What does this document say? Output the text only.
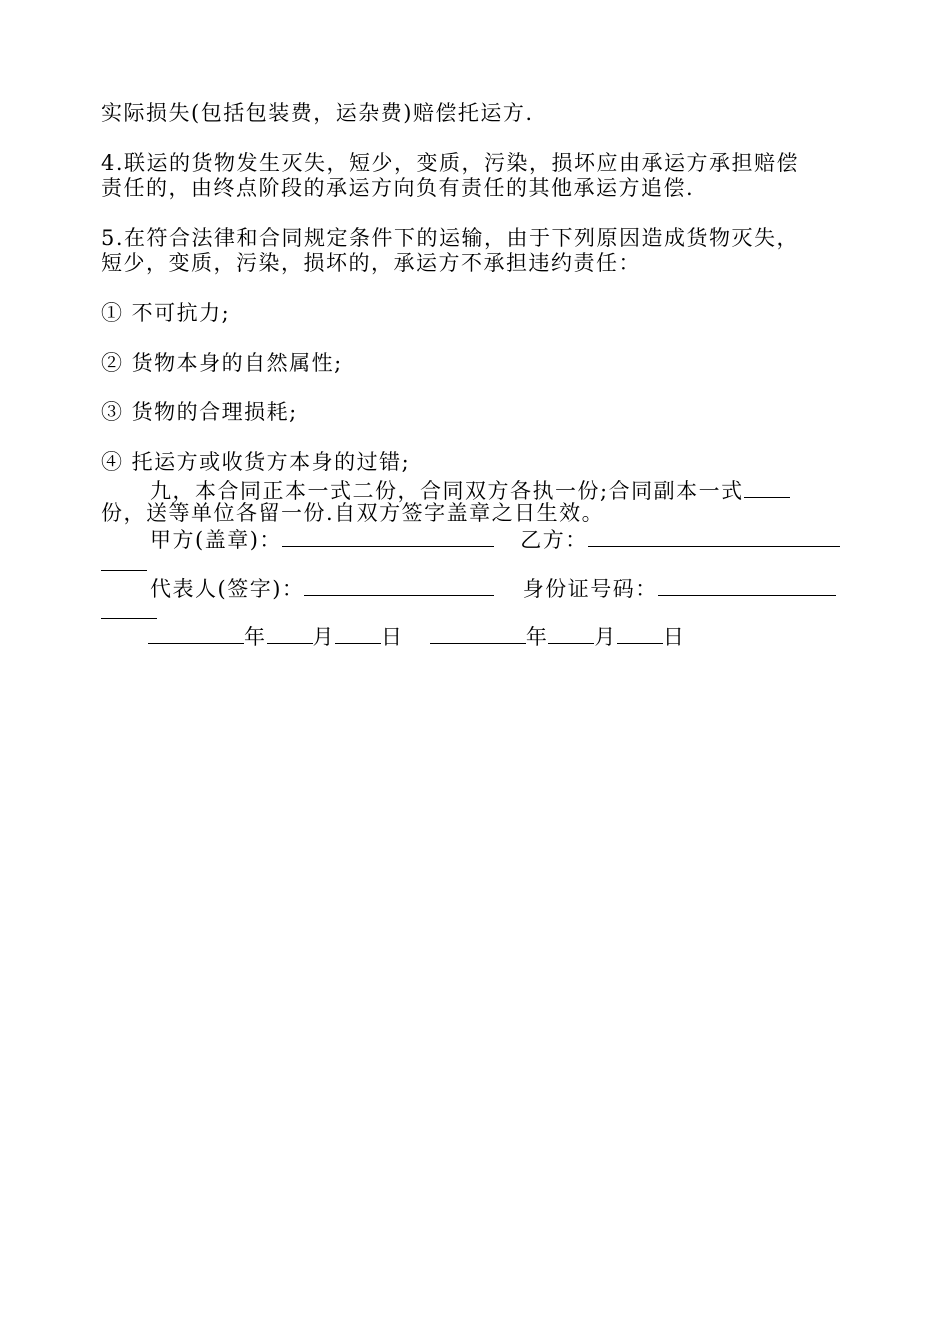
实际损失(包括包装费，运杂费)赔偿托运方.
4.联运的货物发生灭失，短少，变质，污染，损坏应由承运方承担赔偿
责任的，由终点阶段的承运方向负有责任的其他承运方追偿.
5.在符合法律和合同规定条件下的运输，由于下列原因造成货物灭失，
短少，变质，污染，损坏的，承运方不承担违约责任：
① 不可抗力;
② 货物本身的自然属性;
③ 货物的合理损耗;
④ 托运方或收货方本身的过错;
九，本合同正本一式二份，合同双方各执一份;合同副本一式
份，送等单位各留一份.自双方签字盖章之日生效。
甲方(盖章)：	乙方：
代表人(签字)：	身份证号码：
年 月 日	年 月 日
